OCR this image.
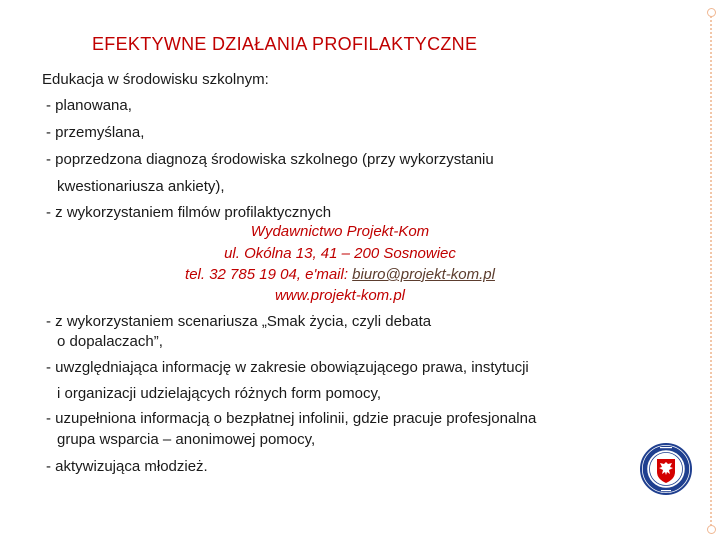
EFEKTYWNE DZIAŁANIA PROFILAKTYCZNE
Edukacja w środowisku szkolnym:
- planowana,
- przemyślana,
- poprzedzona diagnozą środowiska szkolnego (przy wykorzystaniu
kwestionariusza ankiety),
- z wykorzystaniem filmów profilaktycznych
Wydawnictwo Projekt-Kom
ul. Okólna 13, 41 – 200 Sosnowiec
tel. 32 785 19 04, e'mail: biuro@projekt-kom.pl
www.projekt-kom.pl
- z wykorzystaniem scenariusza „Smak życia, czyli debata
o dopalaczach”,
- uwzględniająca informację w zakresie obowiązującego prawa, instytucji
i organizacji udzielających różnych form pomocy,
- uzupełniona informacją o bezpłatnej infolinii, gdzie pracuje profesjonalna
grupa wsparcia – anonimowej pomocy,
- aktywizująca młodzież.
